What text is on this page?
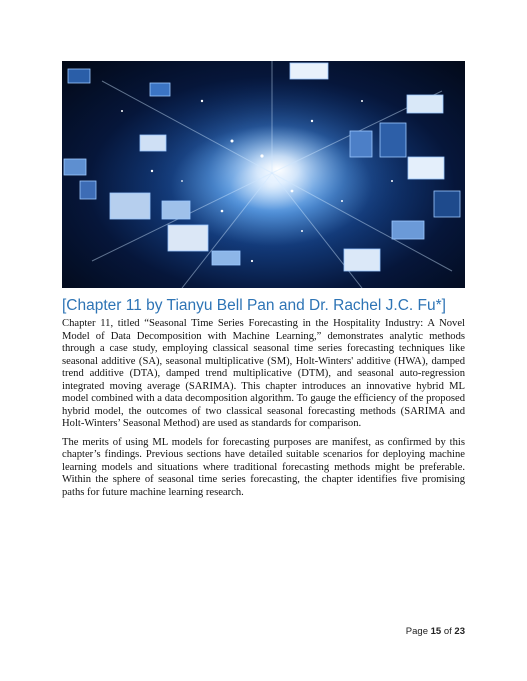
[Chapter 11 by Tianyu Bell Pan and Dr. Rachel J.C. Fu*]

Chapter 11, titled “Seasonal Time Series Forecasting in the Hospitality Industry: A Novel Model of Data Decomposition with Machine Learning,” demonstrates analytic methods through a case study, employing classical seasonal time series forecasting techniques like seasonal additive (SA), seasonal multiplicative (SM), Holt-Winters' additive (HWA), damped trend additive (DTA), damped trend multiplicative (DTM), and seasonal auto-regression integrated moving average (SARIMA). This chapter introduces an innovative hybrid ML model combined with a data decomposition algorithm. To gauge the efficiency of the proposed hybrid model, the outcomes of two classical seasonal forecasting methods (SARIMA and Holt-Winters’ Seasonal Method) are used as standards for comparison.

The merits of using ML models for forecasting purposes are manifest, as confirmed by this chapter’s findings. Previous sections have detailed suitable scenarios for deploying machine learning models and situations where traditional forecasting methods might be preferable. Within the sphere of seasonal time series forecasting, the chapter identifies five promising paths for future machine learning research.

Page 15 of 23
